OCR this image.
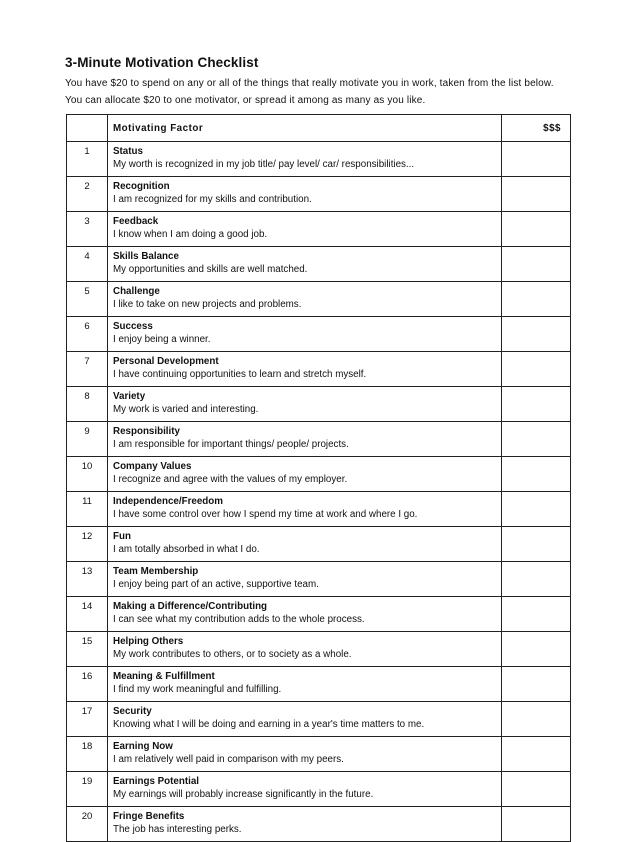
3-Minute Motivation Checklist
You have $20 to spend on any or all of the things that really motivate you in work, taken from the list below. You can allocate $20 to one motivator, or spread it among as many as you like.
	Motivating Factor	$$$
1	Status
My worth is recognized in my job title/ pay level/ car/ responsibilities...	

2	Recognition
I am recognized for my skills and contribution.	

3	Feedback
I know when I am doing a good job.	

4	Skills Balance
My opportunities and skills are well matched.	

5	Challenge
I like to take on new projects and problems.	

6	Success
I enjoy being a winner.	

7	Personal Development
I have continuing opportunities to learn and stretch myself.	

8	Variety
My work is varied and interesting.	

9	Responsibility
I am responsible for important things/ people/ projects.	

10	Company Values
I recognize and agree with the values of my employer.	

11	Independence/Freedom
I have some control over how I spend my time at work and where I go.	

12	Fun
I am totally absorbed in what I do.	

13	Team Membership
I enjoy being part of an active, supportive team.	

14	Making a Difference/Contributing
I can see what my contribution adds to the whole process.	

15	Helping Others
My work contributes to others, or to society as a whole.	

16	Meaning & Fulfillment
I find my work meaningful and fulfilling.	

17	Security
Knowing what I will be doing and earning in a year's time matters to me.	

18	Earning Now
I am relatively well paid in comparison with my peers.	

19	Earnings Potential
My earnings will probably increase significantly in the future.	

20	Fringe Benefits
The job has interesting perks.	
